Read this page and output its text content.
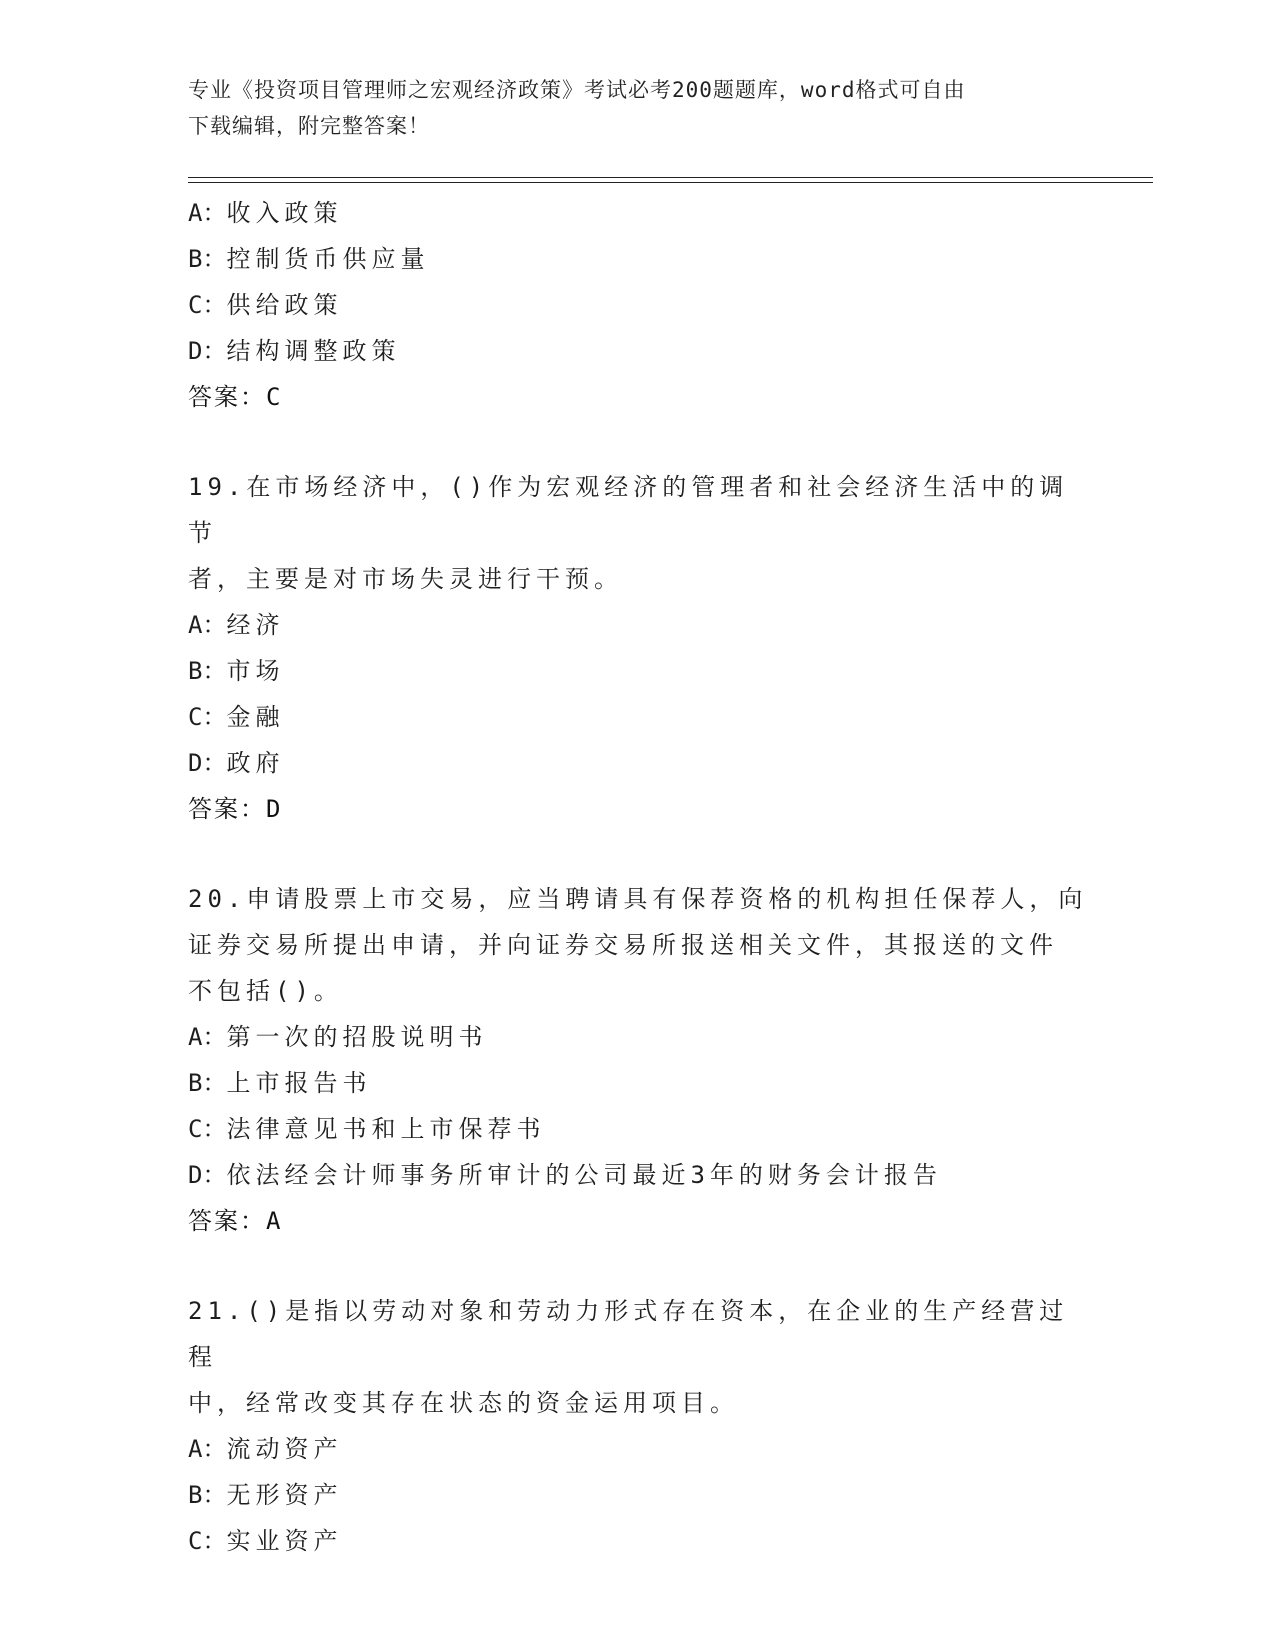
专业《投资项目管理师之宏观经济政策》考试必考200题题库，word格式可自由
下载编辑，附完整答案！
A：收入政策
B：控制货币供应量
C：供给政策
D：结构调整政策
答案：C
19.在市场经济中，()作为宏观经济的管理者和社会经济生活中的调节
者，主要是对市场失灵进行干预。
A：经济
B：市场
C：金融
D：政府
答案：D
20.申请股票上市交易，应当聘请具有保荐资格的机构担任保荐人，向
证券交易所提出申请，并向证券交易所报送相关文件，其报送的文件
不包括()。
A：第一次的招股说明书
B：上市报告书
C：法律意见书和上市保荐书
D：依法经会计师事务所审计的公司最近3年的财务会计报告
答案：A
21.()是指以劳动对象和劳动力形式存在资本，在企业的生产经营过程
中，经常改变其存在状态的资金运用项目。
A：流动资产
B：无形资产
C：实业资产
